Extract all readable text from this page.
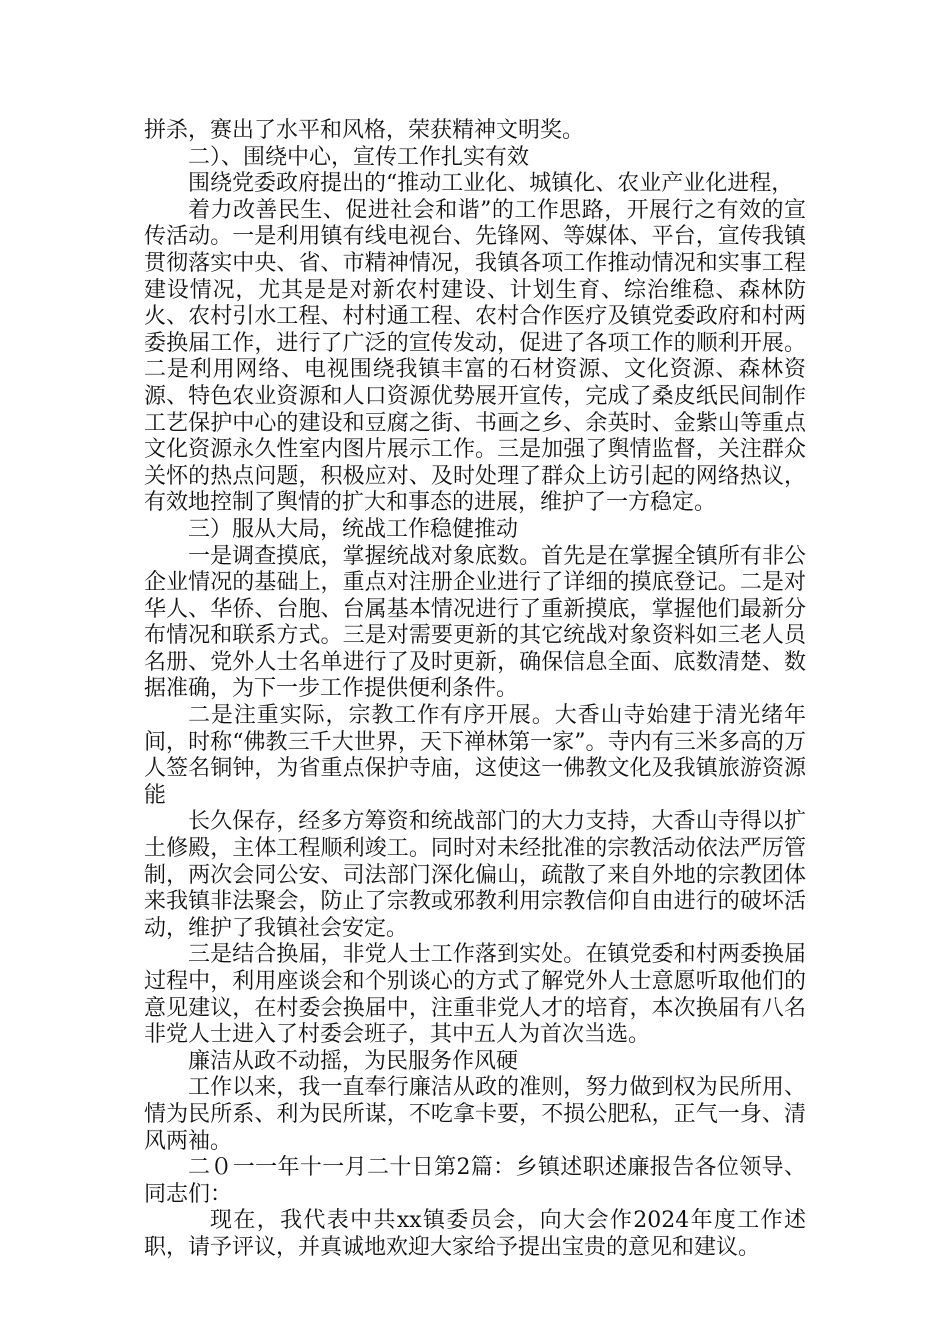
拼杀，赛出了水平和风格，荣获精神文明奖。

二）、围绕中心，宣传工作扎实有效

围绕党委政府提出的“推动工业化、城镇化、农业产业化进程，

着力改善民生、促进社会和谐”的工作思路，开展行之有效的宣传活动。一是利用镇有线电视台、先锋网、等媒体、平台，宣传我镇贯彻落实中央、省、市精神情况，我镇各项工作推动情况和实事工程建设情况，尤其是是对新农村建设、计划生育、综治维稳、森林防火、农村引水工程、村村通工程、农村合作医疗及镇党委政府和村两委换届工作，进行了广泛的宣传发动，促进了各项工作的顺利开展。二是利用网络、电视围绕我镇丰富的石材资源、文化资源、森林资源、特色农业资源和人口资源优势展开宣传，完成了桑皮纸民间制作工艺保护中心的建设和豆腐之街、书画之乡、余英时、金紫山等重点文化资源永久性室内图片展示工作。三是加强了舆情监督，关注群众关怀的热点问题，积极应对、及时处理了群众上访引起的网络热议，有效地控制了舆情的扩大和事态的进展，维护了一方稳定。

三）服从大局，统战工作稳健推动

一是调查摸底，掌握统战对象底数。首先是在掌握全镇所有非公企业情况的基础上，重点对注册企业进行了详细的摸底登记。二是对华人、华侨、台胞、台属基本情况进行了重新摸底，掌握他们最新分布情况和联系方式。三是对需要更新的其它统战对象资料如三老人员名册、党外人士名单进行了及时更新，确保信息全面、底数清楚、数据准确，为下一步工作提供便利条件。

二是注重实际，宗教工作有序开展。大香山寺始建于清光绪年间，时称“佛教三千大世界，天下禅林第一家”。寺内有三米多高的万人签名铜钟，为省重点保护寺庙，这使这一佛教文化及我镇旅游资源能

长久保存，经多方筹资和统战部门的大力支持，大香山寺得以扩土修殿，主体工程顺利竣工。同时对未经批准的宗教活动依法严厉管制，两次会同公安、司法部门深化偏山，疏散了来自外地的宗教团体来我镇非法聚会，防止了宗教或邪教利用宗教信仰自由进行的破坏活动，维护了我镇社会安定。

三是结合换届，非党人士工作落到实处。在镇党委和村两委换届过程中，利用座谈会和个别谈心的方式了解党外人士意愿听取他们的意见建议，在村委会换届中，注重非党人才的培育，本次换届有八名非党人士进入了村委会班子，其中五人为首次当选。

廉洁从政不动摇，为民服务作风硬

工作以来，我一直奉行廉洁从政的准则，努力做到权为民所用、情为民所系、利为民所谋，不吃拿卡要，不损公肥私，正气一身、清风两袖。

二０一一年十一月二十日第2篇：乡镇述职述廉报告各位领导、同志们：

现在，我代表中共xx镇委员会，向大会作2024年度工作述职，请予评议，并真诚地欢迎大家给予提出宝贵的意见和建议。
